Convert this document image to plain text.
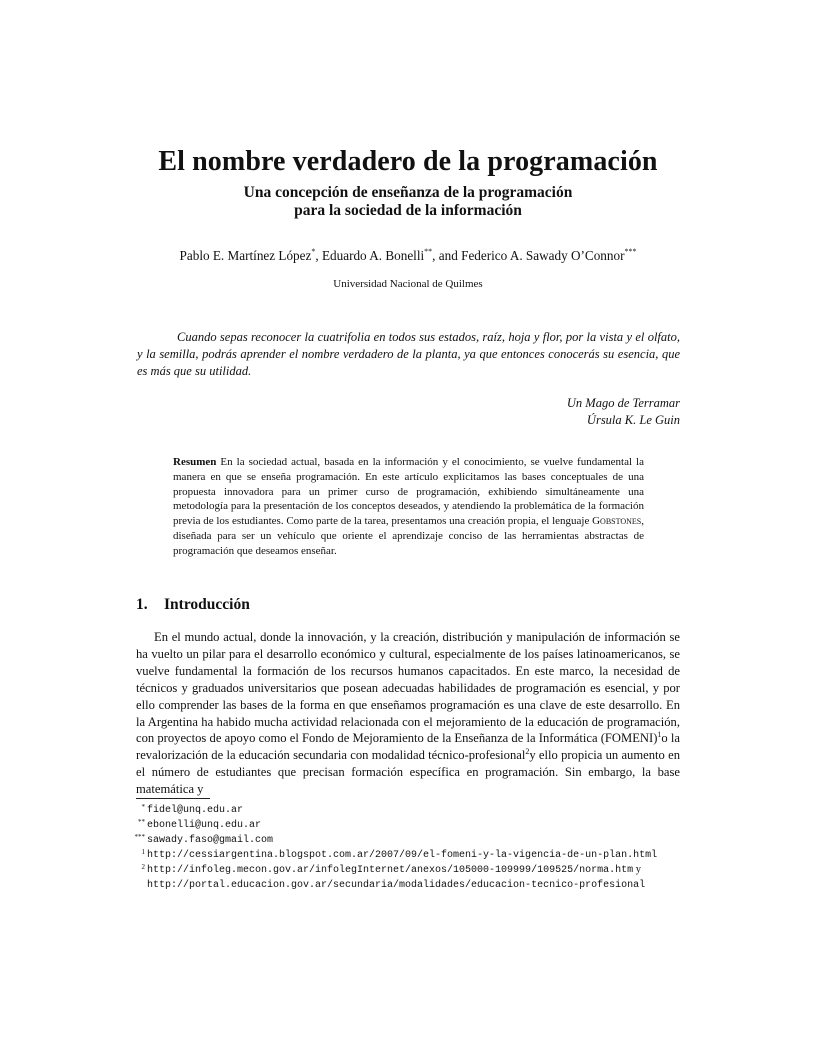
El nombre verdadero de la programación
Una concepción de enseñanza de la programación
para la sociedad de la información
Pablo E. Martínez López*, Eduardo A. Bonelli**, and Federico A. Sawady O’Connor***
Universidad Nacional de Quilmes
Cuando sepas reconocer la cuatrifolia en todos sus estados, raíz, hoja y flor, por la vista y el olfato, y la semilla, podrás aprender el nombre verdadero de la planta, ya que entonces conocerás su esencia, que es más que su utilidad.
Un Mago de Terramar
Úrsula K. Le Guin
Resumen En la sociedad actual, basada en la información y el conocimiento, se vuelve fundamental la manera en que se enseña programación. En este artículo explicitamos las bases conceptuales de una propuesta innovadora para un primer curso de programación, exhibiendo simultáneamente una metodología para la presentación de los conceptos deseados, y atendiendo la problemática de la formación previa de los estudiantes. Como parte de la tarea, presentamos una creación propia, el lenguaje Gobstones, diseñada para ser un vehículo que oriente el aprendizaje conciso de las herramientas abstractas de programación que deseamos enseñar.
1. Introducción
En el mundo actual, donde la innovación, y la creación, distribución y manipulación de información se ha vuelto un pilar para el desarrollo económico y cultural, especialmente de los países latinoamericanos, se vuelve fundamental la formación de los recursos humanos capacitados. En este marco, la necesidad de técnicos y graduados universitarios que posean adecuadas habilidades de programación es esencial, y por ello comprender las bases de la forma en que enseñamos programación es una clave de este desarrollo. En la Argentina ha habido mucha actividad relacionada con el mejoramiento de la educación de programación, con proyectos de apoyo como el Fondo de Mejoramiento de la Enseñanza de la Informática (FOMENI)$^1$o la revalorización de la educación secundaria con modalidad técnico-profesional$^2$y ello propicia un aumento en el número de estudiantes que precisan formación específica en programación. Sin embargo, la base matemática y
* fidel@unq.edu.ar
** ebonelli@unq.edu.ar
*** sawady.faso@gmail.com
1 http://cessiargentina.blogspot.com.ar/2007/09/el-fomeni-y-la-vigencia-de-un-plan.html
2 http://infoleg.mecon.gov.ar/infolegInternet/anexos/105000-109999/109525/norma.htm y
http://portal.educacion.gov.ar/secundaria/modalidades/educacion-tecnico-profesional
